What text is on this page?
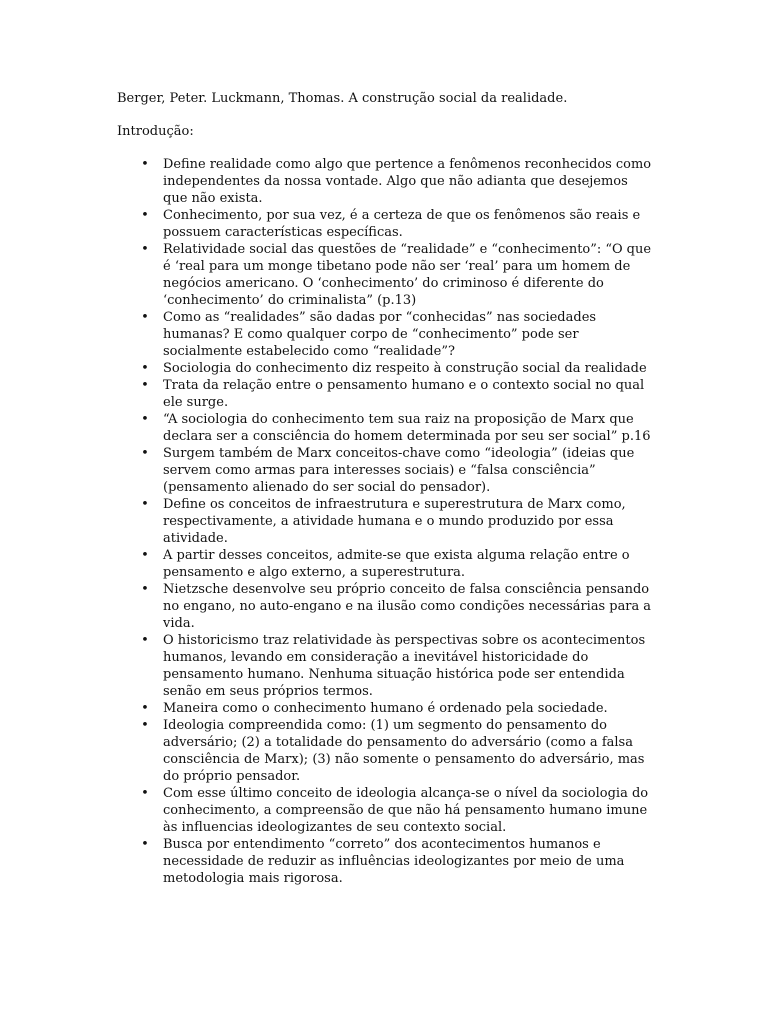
Berger, Peter. Luckmann, Thomas. A construção social da realidade.
Introdução:
• Define realidade como algo que pertence a fenômenos reconhecidos como
independentes da nossa vontade. Algo que não adianta que desejemos
que não exista.
• Conhecimento, por sua vez, é a certeza de que os fenômenos são reais e
possuem características específicas.
• Relatividade social das questões de “realidade” e “conhecimento”: “O que
é ‘real para um monge tibetano pode não ser ‘real’ para um homem de
negócios americano. O ‘conhecimento’ do criminoso é diferente do
‘conhecimento’ do criminalista” (p.13)
• Como as “realidades” são dadas por “conhecidas” nas sociedades
humanas? E como qualquer corpo de “conhecimento” pode ser
socialmente estabelecido como “realidade”?
• Sociologia do conhecimento diz respeito à construção social da realidade
• Trata da relação entre o pensamento humano e o contexto social no qual
ele surge.
• “A sociologia do conhecimento tem sua raiz na proposição de Marx que
declara ser a consciência do homem determinada por seu ser social” p.16
• Surgem também de Marx conceitos-chave como “ideologia” (ideias que
servem como armas para interesses sociais) e “falsa consciência”
(pensamento alienado do ser social do pensador).
• Define os conceitos de infraestrutura e superestrutura de Marx como,
respectivamente, a atividade humana e o mundo produzido por essa
atividade.
• A partir desses conceitos, admite-se que exista alguma relação entre o
pensamento e algo externo, a superestrutura.
• Nietzsche desenvolve seu próprio conceito de falsa consciência pensando
no engano, no auto-engano e na ilusão como condições necessárias para a
vida.
• O historicismo traz relatividade às perspectivas sobre os acontecimentos
humanos, levando em consideração a inevitável historicidade do
pensamento humano. Nenhuma situação histórica pode ser entendida
senão em seus próprios termos.
• Maneira como o conhecimento humano é ordenado pela sociedade.
• Ideologia compreendida como: (1) um segmento do pensamento do
adversário; (2) a totalidade do pensamento do adversário (como a falsa
consciência de Marx); (3) não somente o pensamento do adversário, mas
do próprio pensador.
• Com esse último conceito de ideologia alcança-se o nível da sociologia do
conhecimento, a compreensão de que não há pensamento humano imune
às influencias ideologizantes de seu contexto social.
• Busca por entendimento “correto” dos acontecimentos humanos e
necessidade de reduzir as influências ideologizantes por meio de uma
metodologia mais rigorosa.
